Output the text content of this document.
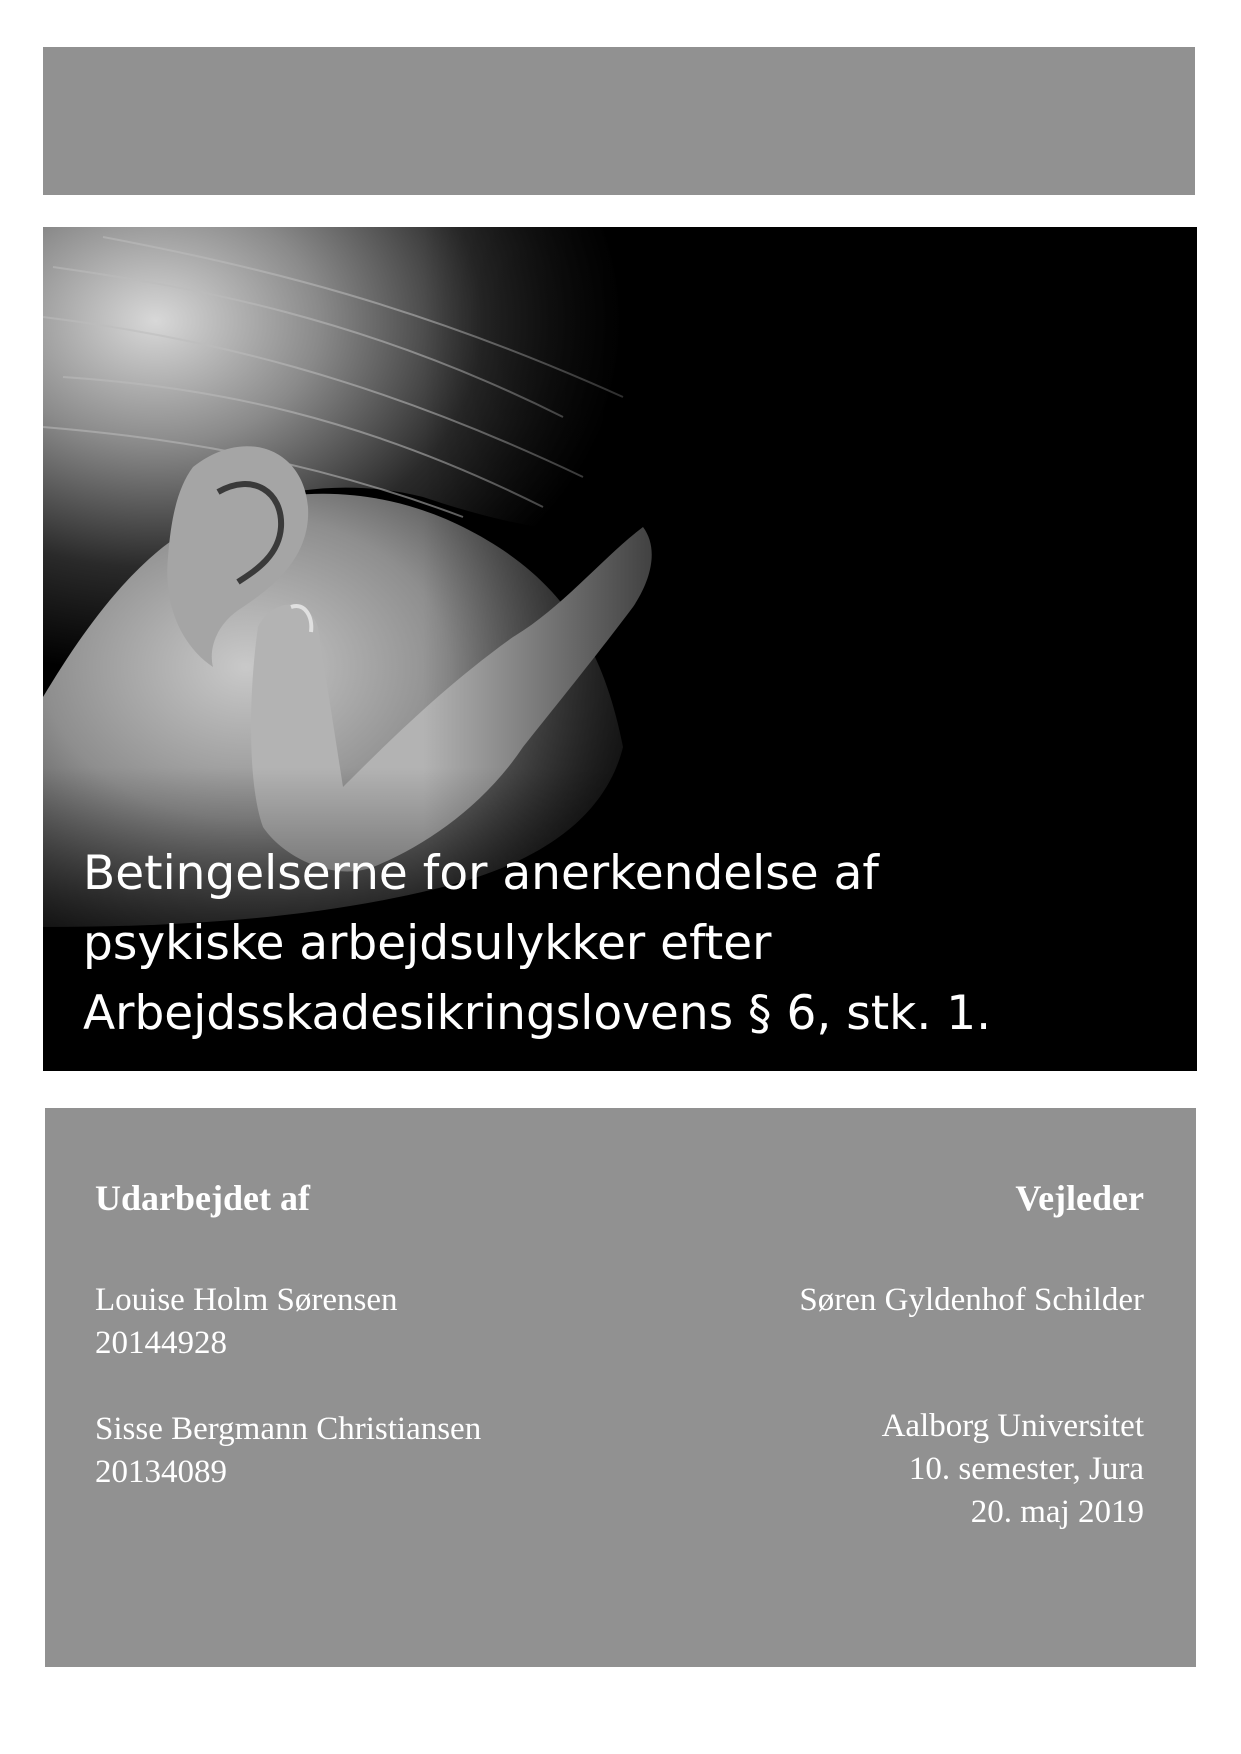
Betingelserne for anerkendelse af
psykiske arbejdsulykker efter
Arbejdsskadesikringslovens § 6, stk. 1.

Udarbejdet af	Vejleder

Louise Holm Sørensen
20144928

Sisse Bergmann Christiansen
20134089

Søren Gyldenhof Schilder

Aalborg Universitet
10. semester, Jura
20. maj 2019
